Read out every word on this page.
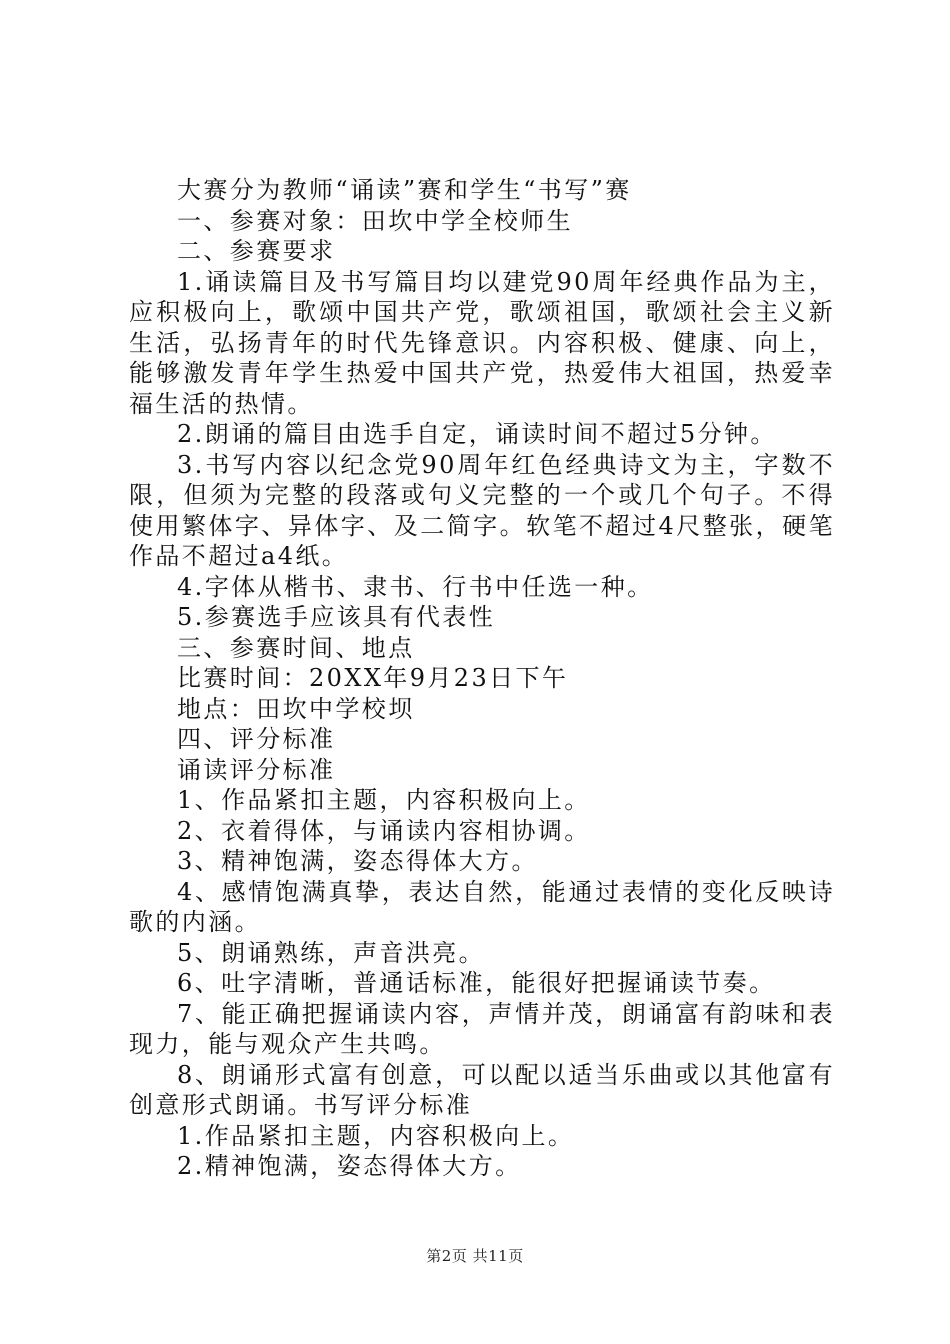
大赛分为教师“诵读”赛和学生“书写”赛

一、参赛对象：田坎中学全校师生

二、参赛要求

1.诵读篇目及书写篇目均以建党90周年经典作品为主，应积极向上，歌颂中国共产党，歌颂祖国，歌颂社会主义新生活，弘扬青年的时代先锋意识。内容积极、健康、向上，能够激发青年学生热爱中国共产党，热爱伟大祖国，热爱幸福生活的热情。

2.朗诵的篇目由选手自定，诵读时间不超过5分钟。

3.书写内容以纪念党90周年红色经典诗文为主，字数不限，但须为完整的段落或句义完整的一个或几个句子。不得使用繁体字、异体字、及二简字。软笔不超过4尺整张，硬笔作品不超过a4纸。

4.字体从楷书、隶书、行书中任选一种。

5.参赛选手应该具有代表性

三、参赛时间、地点

比赛时间：20XX年9月23日下午

地点：田坎中学校坝

四、评分标准

诵读评分标准

1、作品紧扣主题，内容积极向上。

2、衣着得体，与诵读内容相协调。

3、精神饱满，姿态得体大方。

4、感情饱满真挚，表达自然，能通过表情的变化反映诗歌的内涵。

5、朗诵熟练，声音洪亮。

6、吐字清晰，普通话标准，能很好把握诵读节奏。

7、能正确把握诵读内容，声情并茂，朗诵富有韵味和表现力，能与观众产生共鸣。

8、朗诵形式富有创意，可以配以适当乐曲或以其他富有创意形式朗诵。书写评分标准

1.作品紧扣主题，内容积极向上。

2.精神饱满，姿态得体大方。

第2页 共11页
